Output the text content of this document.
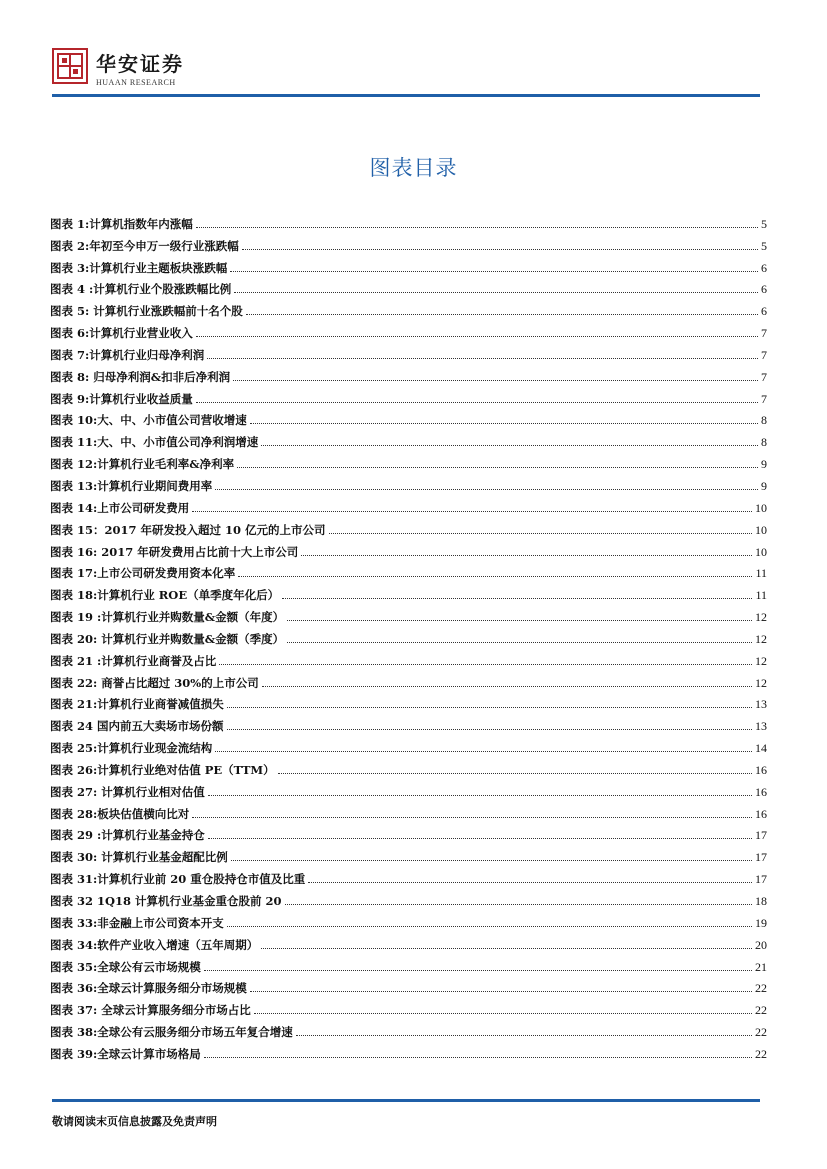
华安证券
HUAAN RESEARCH
图表目录
图表 1:计算机指数年内涨幅	5
图表 2:年初至今申万一级行业涨跌幅	5
图表 3:计算机行业主题板块涨跌幅	6
图表 4 :计算机行业个股涨跌幅比例	6
图表 5: 计算机行业涨跌幅前十名个股	6
图表 6:计算机行业营业收入	7
图表 7:计算机行业归母净利润	7
图表 8: 归母净利润&扣非后净利润	7
图表 9:计算机行业收益质量	7
图表 10:大、中、小市值公司营收增速	8
图表 11:大、中、小市值公司净利润增速	8
图表 12:计算机行业毛利率&净利率	9
图表 13:计算机行业期间费用率	9
图表 14:上市公司研发费用	10
图表 15：2017 年研发投入超过 10 亿元的上市公司	10
图表 16: 2017 年研发费用占比前十大上市公司	10
图表 17:上市公司研发费用资本化率	11
图表 18:计算机行业 ROE（单季度年化后）	11
图表 19 :计算机行业并购数量&金额（年度）	12
图表 20: 计算机行业并购数量&金额（季度）	12
图表 21 :计算机行业商誉及占比	12
图表 22: 商誉占比超过 30%的上市公司	12
图表 21:计算机行业商誉减值损失	13
图表 24 国内前五大卖场市场份额	13
图表 25:计算机行业现金流结构	14
图表 26:计算机行业绝对估值 PE（TTM）	16
图表 27: 计算机行业相对估值	16
图表 28:板块估值横向比对	16
图表 29 :计算机行业基金持仓	17
图表 30: 计算机行业基金超配比例	17
图表 31:计算机行业前 20 重仓股持仓市值及比重	17
图表 32 1Q18 计算机行业基金重仓股前 20	18
图表 33:非金融上市公司资本开支	19
图表 34:软件产业收入增速（五年周期）	20
图表 35:全球公有云市场规模	21
图表 36:全球云计算服务细分市场规模	22
图表 37: 全球云计算服务细分市场占比	22
图表 38:全球公有云服务细分市场五年复合增速	22
图表 39:全球云计算市场格局	22
敬请阅读末页信息披露及免责声明
